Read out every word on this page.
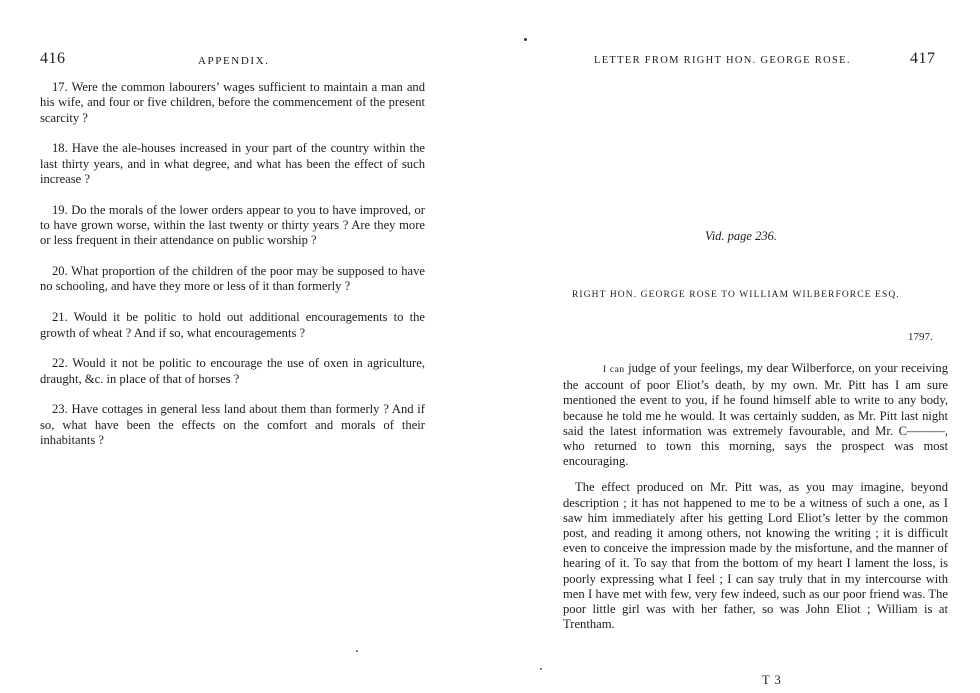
416	APPENDIX.

17. Were the common labourers’ wages sufficient to maintain a man and his wife, and four or five children, before the commencement of the present scarcity ?

18. Have the ale-houses increased in your part of the country within the last thirty years, and in what degree, and what has been the effect of such increase ?

19. Do the morals of the lower orders appear to you to have improved, or to have grown worse, within the last twenty or thirty years ? Are they more or less frequent in their attendance on public worship ?

20. What proportion of the children of the poor may be supposed to have no schooling, and have they more or less of it than formerly ?

21. Would it be politic to hold out additional encouragements to the growth of wheat ? And if so, what encouragements ?

22. Would it not be politic to encourage the use of oxen in agriculture, draught, &c. in place of that of horses ?

23. Have cottages in general less land about them than formerly ? And if so, what have been the effects on the comfort and morals of their inhabitants ?

LETTER FROM RIGHT HON. GEORGE ROSE.	417
Vid. page 236.
RIGHT HON. GEORGE ROSE TO WILLIAM WILBERFORCE ESQ.
1797.

I can judge of your feelings, my dear Wilberforce, on your receiving the account of poor Eliot’s death, by my own. Mr. Pitt has I am sure mentioned the event to you, if he found himself able to write to any body, because he told me he would. It was certainly sudden, as Mr. Pitt last night said the latest information was extremely favourable, and Mr. C———, who returned to town this morning, says the prospect was most encouraging.

The effect produced on Mr. Pitt was, as you may imagine, beyond description ; it has not happened to me to be a witness of such a one, as I saw him immediately after his getting Lord Eliot’s letter by the common post, and reading it among others, not knowing the writing ; it is difficult even to conceive the impression made by the misfortune, and the manner of hearing of it. To say that from the bottom of my heart I lament the loss, is poorly expressing what I feel ; I can say truly that in my intercourse with men I have met with few, very few indeed, such as our poor friend was. The poor little girl was with her father, so was John Eliot ; William is at Trentham.

T 3
